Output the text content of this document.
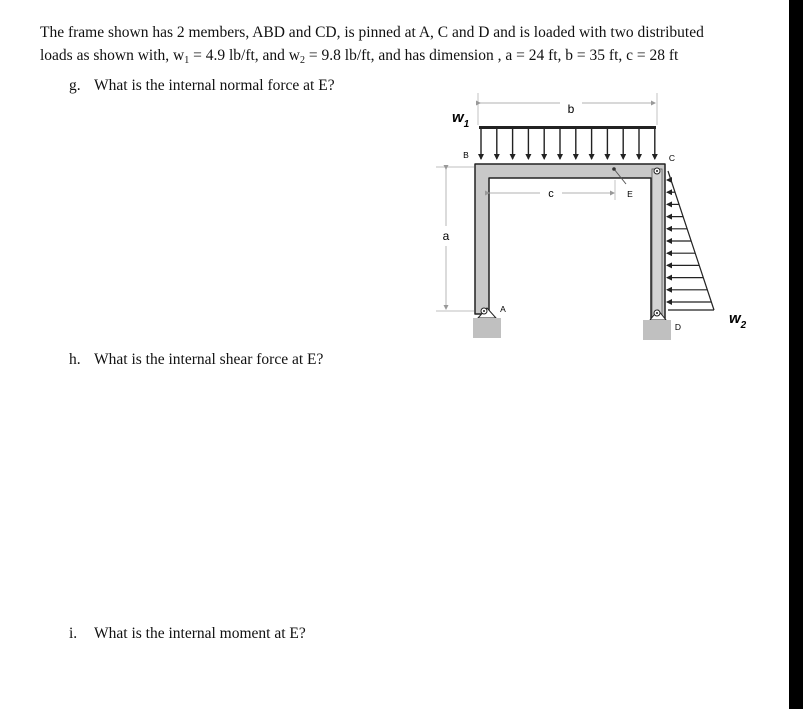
The frame shown has 2 members, ABD and CD, is pinned at A, C and D and is loaded with two distributed
loads as shown with, $w_1 = 4.9$ lb/ft, and $w_2 = 9.8$ lb/ft, and has dimension , a = 24 ft, b = 35 ft, c = 28 ft
g. What is the internal normal force at E?
h. What is the internal shear force at E?
i. What is the internal moment at E?
b
$w_1$
$w_2$
c
a
A
B	C
D
E
